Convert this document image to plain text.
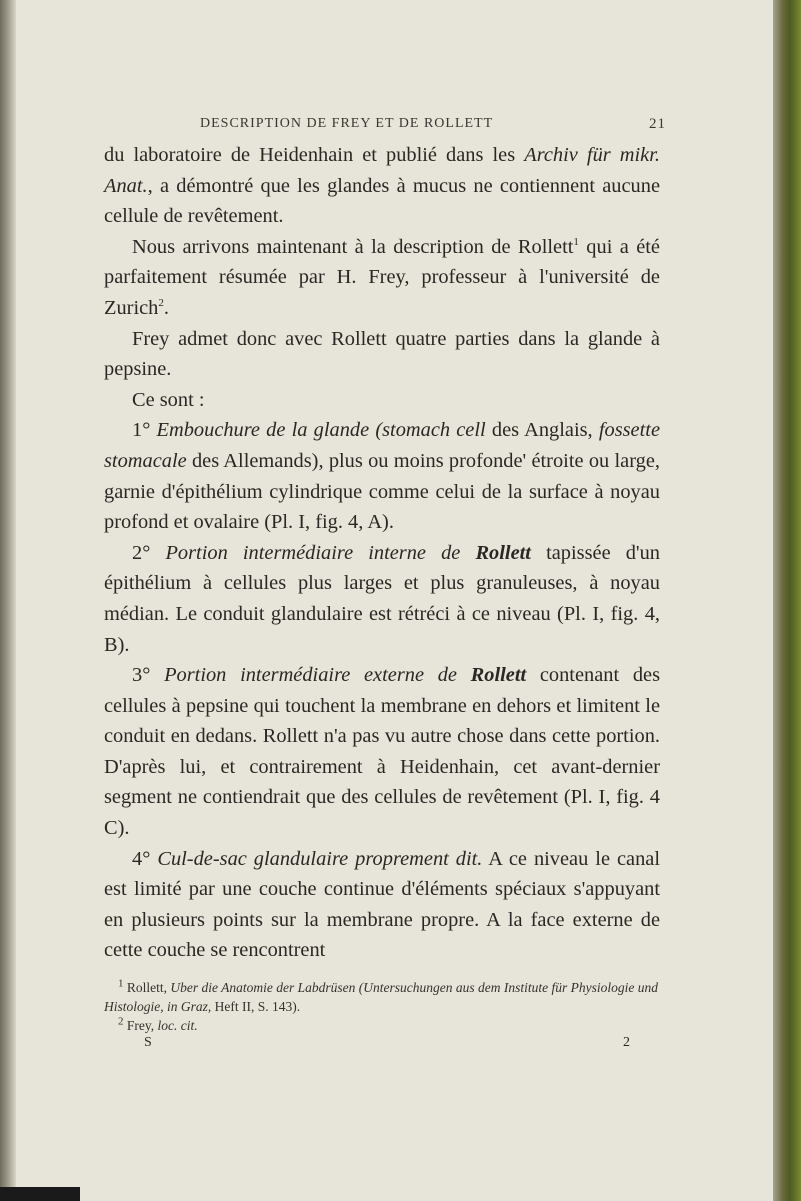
DESCRIPTION DE FREY ET DE ROLLETT	21

du laboratoire de Heidenhain et publié dans les Archiv für mikr. Anat., a démontré que les glandes à mucus ne contiennent aucune cellule de revêtement.

Nous arrivons maintenant à la description de Rollett$^1$ qui a été parfaitement résumée par H. Frey, professeur à l'université de Zurich$^2$.

Frey admet donc avec Rollett quatre parties dans la glande à pepsine.

Ce sont :

1° Embouchure de la glande (stomach cell des Anglais, fossette stomacale des Allemands), plus ou moins profonde' étroite ou large, garnie d'épithélium cylindrique comme celui de la surface à noyau profond et ovalaire (Pl. I, fig. 4, A).

2° Portion intermédiaire interne de Rollett tapissée d'un épithélium à cellules plus larges et plus granuleuses, à noyau médian. Le conduit glandulaire est rétréci à ce niveau (Pl. I, fig. 4, B).

3° Portion intermédiaire externe de Rollett contenant des cellules à pepsine qui touchent la membrane en dehors et limitent le conduit en dedans. Rollett n'a pas vu autre chose dans cette portion. D'après lui, et contrairement à Heidenhain, cet avant-dernier segment ne contiendrait que des cellules de revêtement (Pl. I, fig. 4 C).

4° Cul-de-sac glandulaire proprement dit. A ce niveau le canal est limité par une couche continue d'éléments spéciaux s'appuyant en plusieurs points sur la membrane propre. A la face externe de cette couche se rencontrent

$^1$ Rollett, Uber die Anatomie der Labdrüsen (Untersuchungen aus dem Institute für Physiologie und Histologie, in Graz, Heft II, S. 143).

$^2$ Frey, loc. cit.

S	2
